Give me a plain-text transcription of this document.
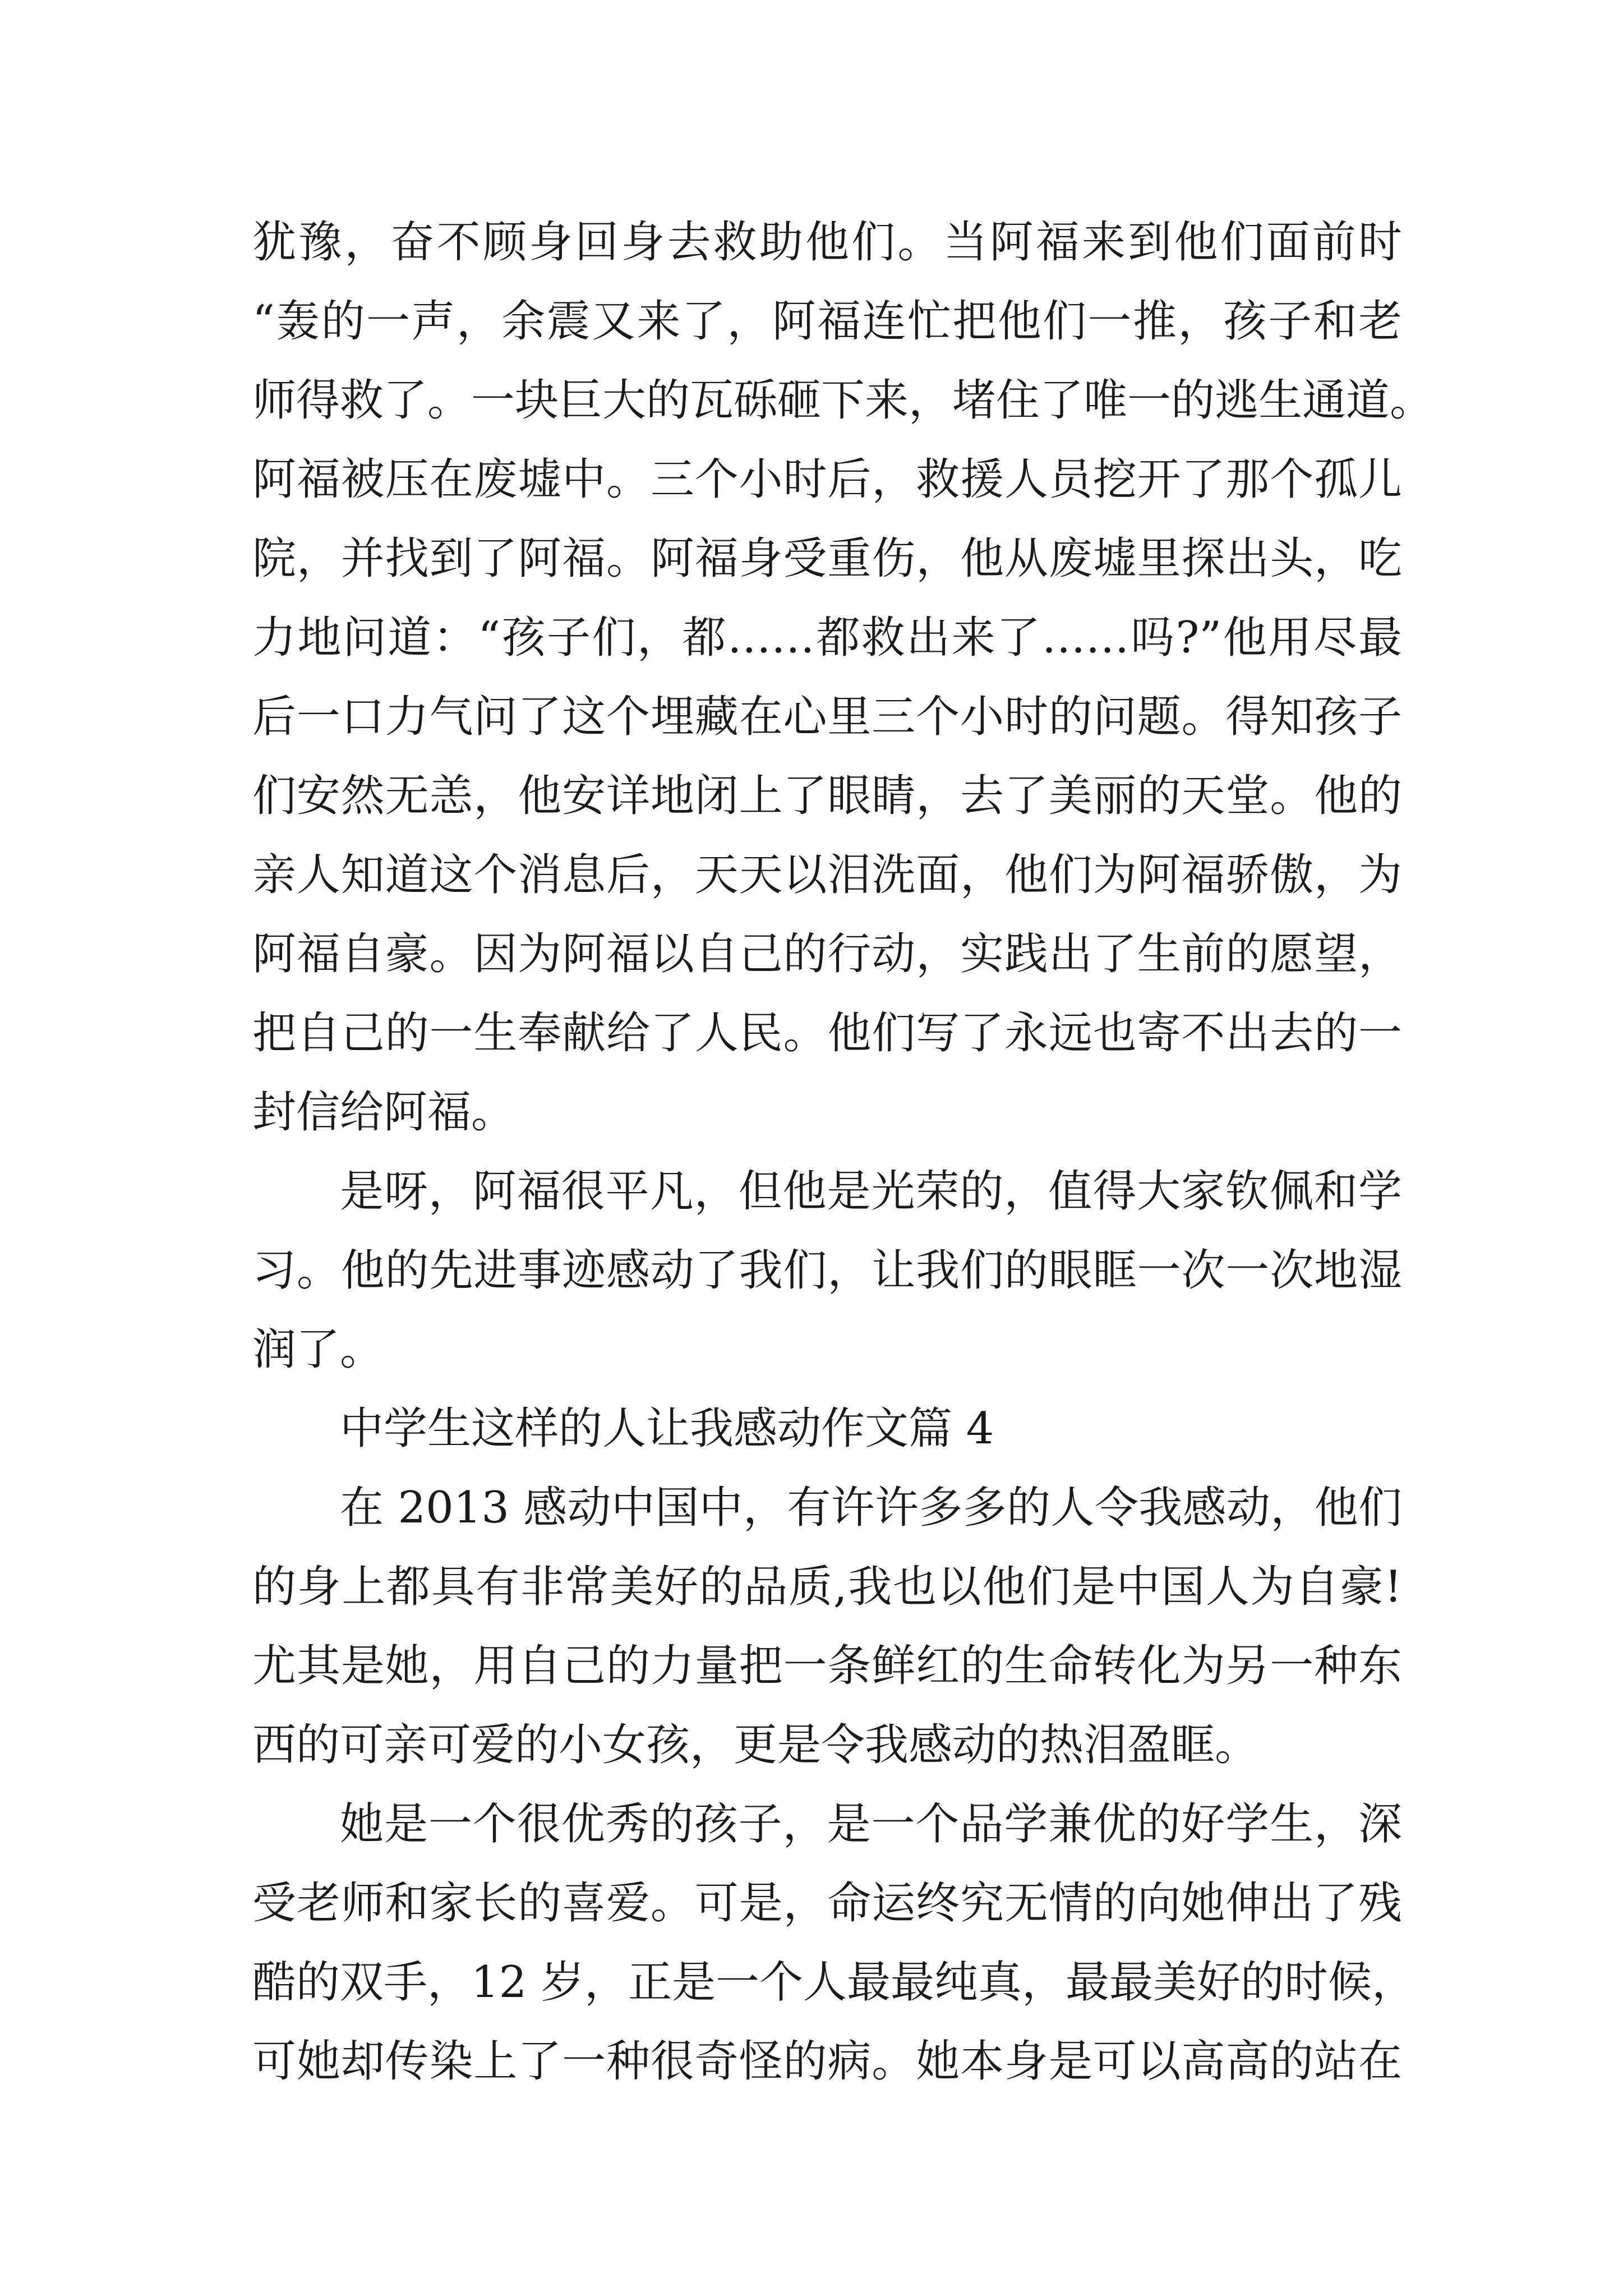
犹豫，奋不顾身回身去救助他们。当阿福来到他们面前时
“轰的一声，余震又来了，阿福连忙把他们一推，孩子和老
师得救了。一块巨大的瓦砾砸下来，堵住了唯一的逃生通道。
阿福被压在废墟中。三个小时后，救援人员挖开了那个孤儿
院，并找到了阿福。阿福身受重伤，他从废墟里探出头，吃
力地问道：“孩子们，都……都救出来了……吗?”他用尽最
后一口力气问了这个埋藏在心里三个小时的问题。得知孩子
们安然无恙，他安详地闭上了眼睛，去了美丽的天堂。他的
亲人知道这个消息后，天天以泪洗面，他们为阿福骄傲，为
阿福自豪。因为阿福以自己的行动，实践出了生前的愿望，
把自己的一生奉献给了人民。他们写了永远也寄不出去的一
封信给阿福。
是呀，阿福很平凡，但他是光荣的，值得大家钦佩和学
习。他的先进事迹感动了我们，让我们的眼眶一次一次地湿
润了。
中学生这样的人让我感动作文篇 4
在 2013 感动中国中，有许许多多的人令我感动，他们
的身上都具有非常美好的品质,我也以他们是中国人为自豪!
尤其是她，用自己的力量把一条鲜红的生命转化为另一种东
西的可亲可爱的小女孩，更是令我感动的热泪盈眶。
她是一个很优秀的孩子，是一个品学兼优的好学生，深
受老师和家长的喜爱。可是，命运终究无情的向她伸出了残
酷的双手，12 岁，正是一个人最最纯真，最最美好的时候，
可她却传染上了一种很奇怪的病。她本身是可以高高的站在
